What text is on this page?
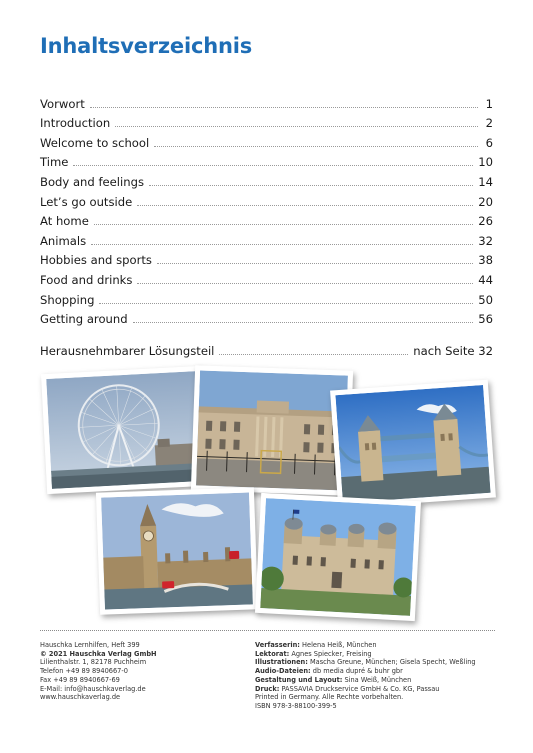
Inhaltsverzeichnis
Vorwort	1
Introduction	2
Welcome to school	6
Time	10
Body and feelings	14
Let’s go outside	20
At home	26
Animals	32
Hobbies and sports	38
Food and drinks	44
Shopping	50
Getting around	56
Herausnehmbarer Lösungsteil	nach Seite 32
Hauschka Lernhilfen, Heft 399
© 2021 Hauschka Verlag GmbH
Lilienthalstr. 1, 82178 Puchheim
Telefon +49 89 8940667-0
Fax +49 89 8940667-69
E-Mail: info@hauschkaverlag.de
www.hauschkaverlag.de
Verfasserin: Helena Heiß, München
Lektorat: Agnes Spiecker, Freising
Illustrationen: Mascha Greune, München; Gisela Specht, Weßling
Audio-Dateien: db media dupré & buhr gbr
Gestaltung und Layout: Sina Weiß, München
Druck: PASSAVIA Druckservice GmbH & Co. KG, Passau
Printed in Germany. Alle Rechte vorbehalten.
ISBN 978-3-88100-399-5
